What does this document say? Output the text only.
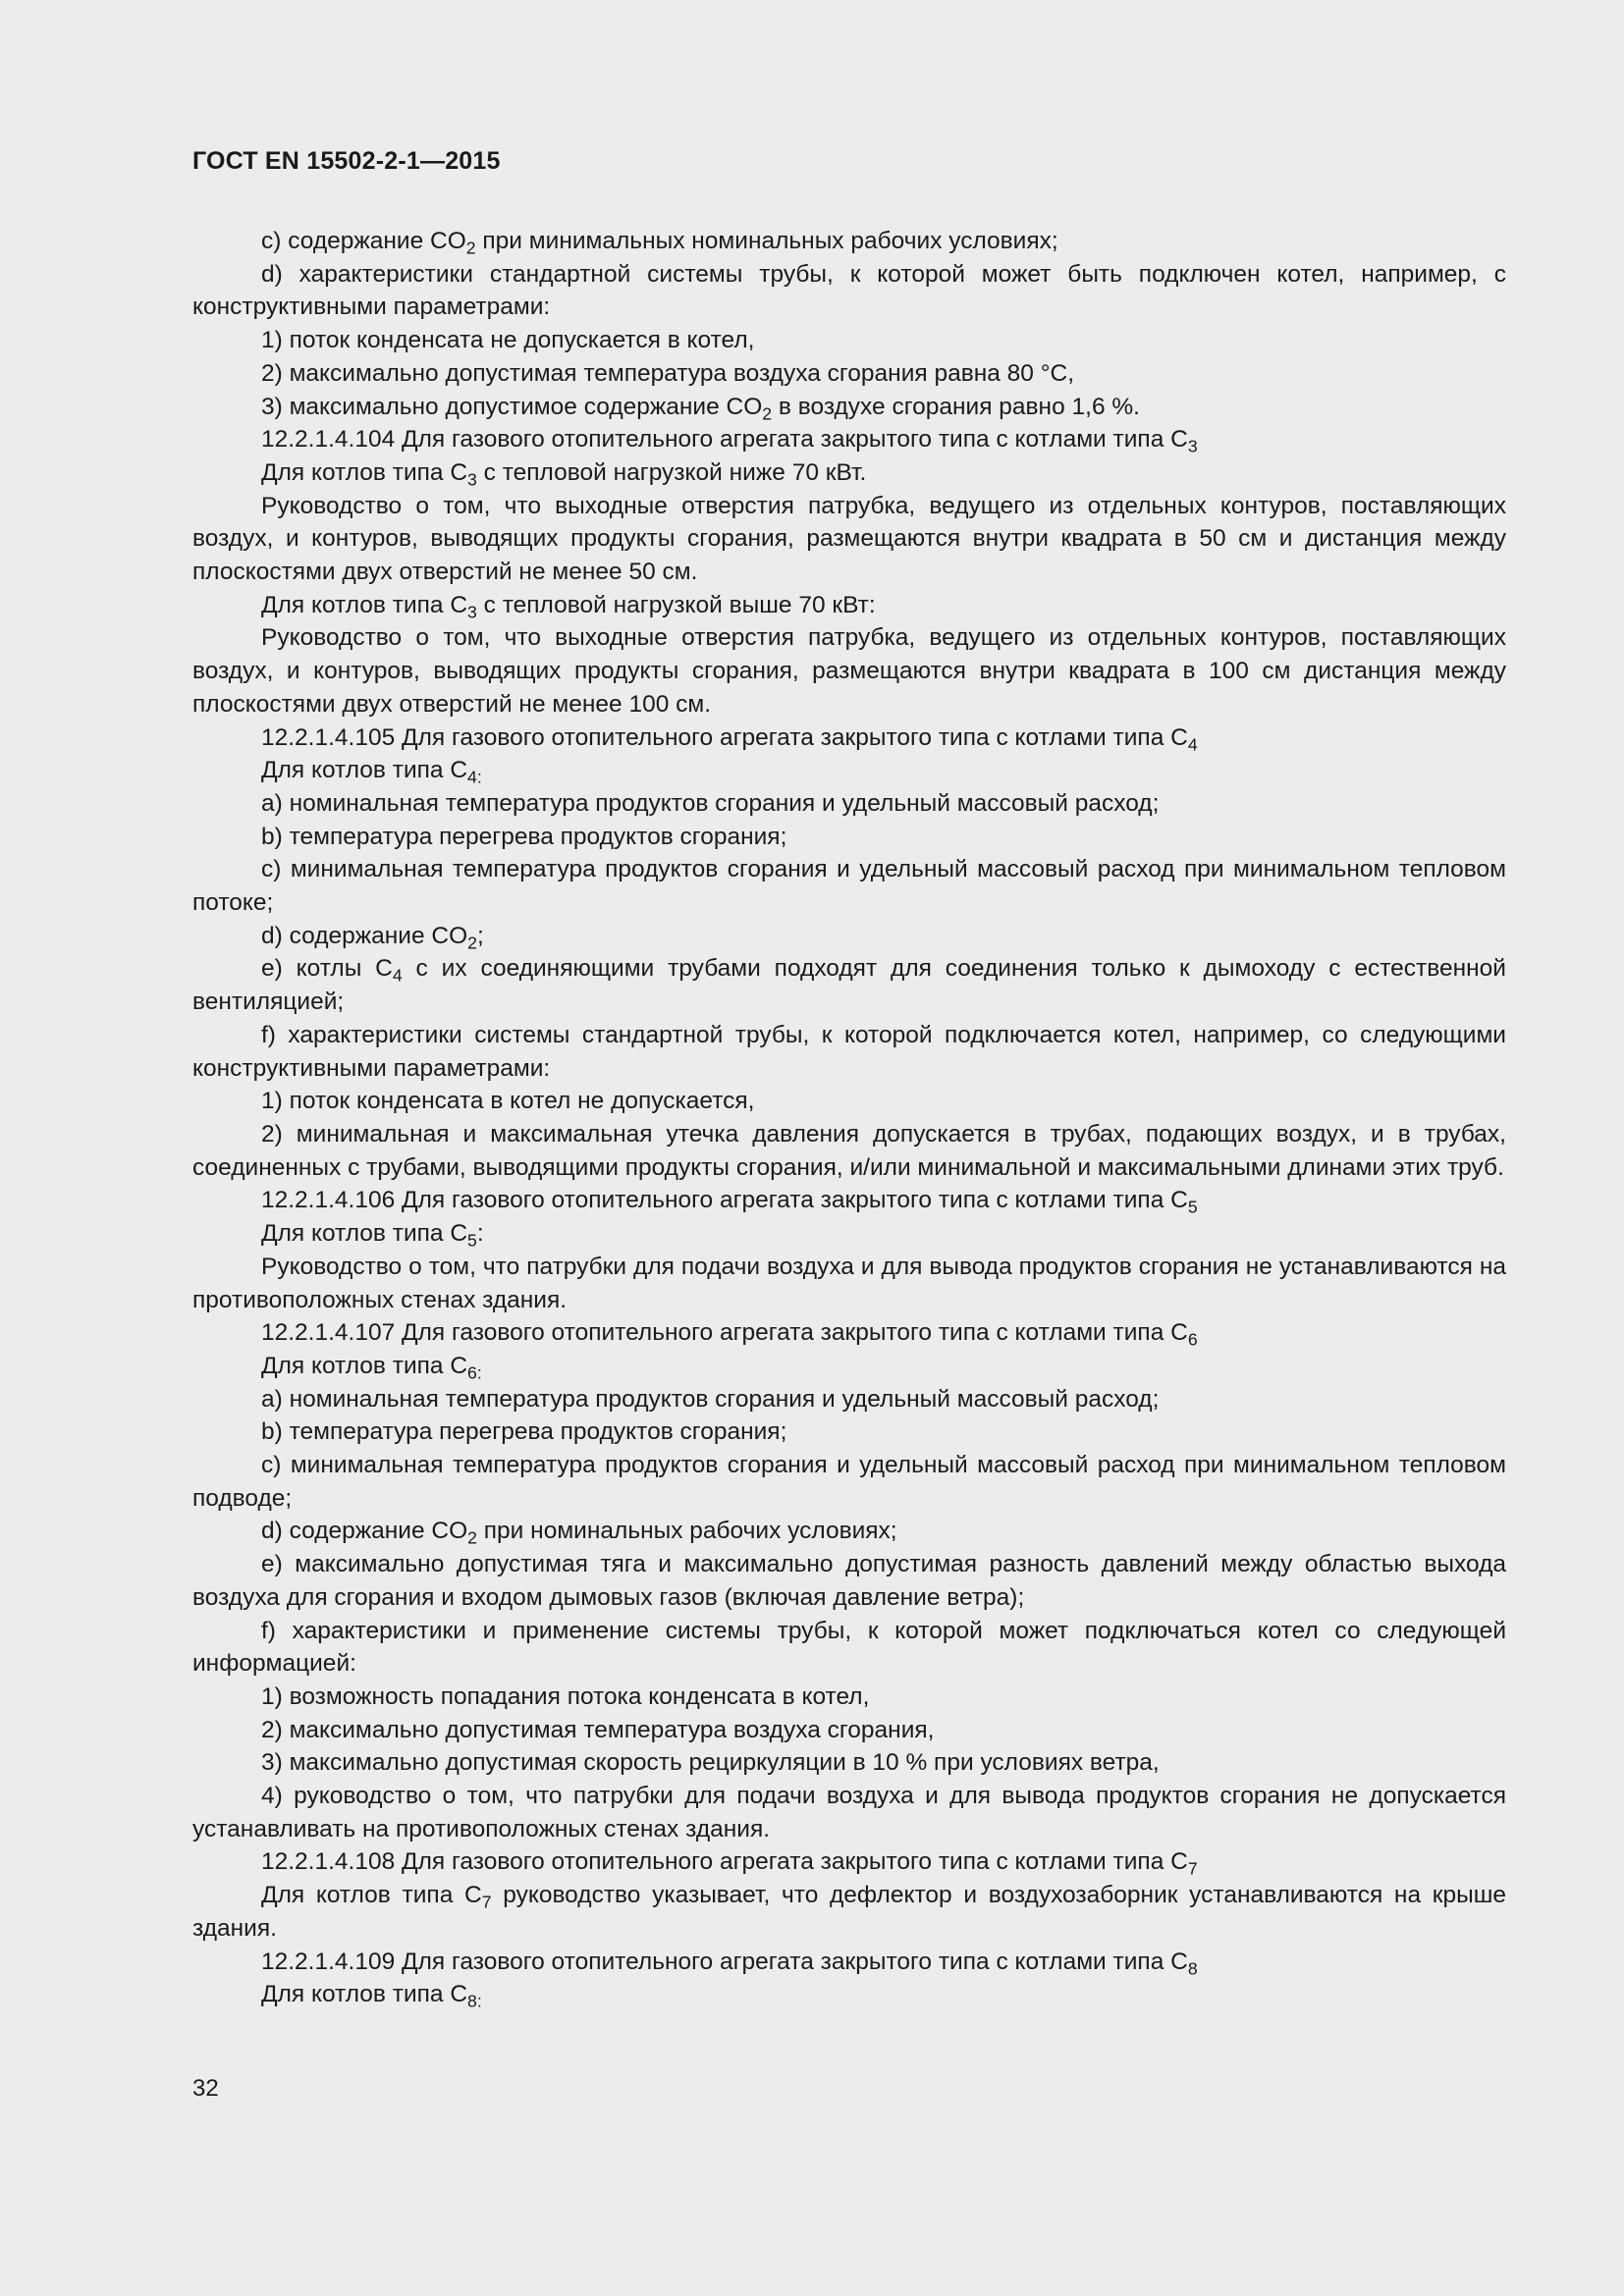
ГОСТ EN 15502-2-1—2015

c) содержание $CO_2$ при минимальных номинальных рабочих условиях;

d) характеристики стандартной системы трубы, к которой может быть подключен котел, например, с конструктивными параметрами:

1) поток конденсата не допускается в котел,

2) максимально допустимая температура воздуха сгорания равна 80 °С,

3) максимально допустимое содержание $CO_2$ в воздухе сгорания равно 1,6 %.

12.2.1.4.104 Для газового отопительного агрегата закрытого типа с котлами типа $C_3$

Для котлов типа $C_3$ с тепловой нагрузкой ниже 70 кВт.

Руководство о том, что выходные отверстия патрубка, ведущего из отдельных контуров, поставляющих воздух, и контуров, выводящих продукты сгорания, размещаются внутри квадрата в 50 см и дистанция между плоскостями двух отверстий не менее 50 см.

Для котлов типа $C_3$ с тепловой нагрузкой выше 70 кВт:

Руководство о том, что выходные отверстия патрубка, ведущего из отдельных контуров, поставляющих воздух, и контуров, выводящих продукты сгорания, размещаются внутри квадрата в 100 см дистанция между плоскостями двух отверстий не менее 100 см.

12.2.1.4.105 Для газового отопительного агрегата закрытого типа с котлами типа $C_4$

Для котлов типа $C_{4:}$

a) номинальная температура продуктов сгорания и удельный массовый расход;

b) температура перегрева продуктов сгорания;

c) минимальная температура продуктов сгорания и удельный массовый расход при минимальном тепловом потоке;

d) содержание $CO_2$;

e) котлы $C_4$ с их соединяющими трубами подходят для соединения только к дымоходу с естественной вентиляцией;

f) характеристики системы стандартной трубы, к которой подключается котел, например, со следующими конструктивными параметрами:

1) поток конденсата в котел не допускается,

2) минимальная и максимальная утечка давления допускается в трубах, подающих воздух, и в трубах, соединенных с трубами, выводящими продукты сгорания, и/или минимальной и максимальными длинами этих труб.

12.2.1.4.106 Для газового отопительного агрегата закрытого типа с котлами типа $C_5$

Для котлов типа $C_5$:

Руководство о том, что патрубки для подачи воздуха и для вывода продуктов сгорания не устанавливаются на противоположных стенах здания.

12.2.1.4.107 Для газового отопительного агрегата закрытого типа с котлами типа $C_6$

Для котлов типа $C_{6:}$

a) номинальная температура продуктов сгорания и удельный массовый расход;

b) температура перегрева продуктов сгорания;

c) минимальная температура продуктов сгорания и удельный массовый расход при минимальном тепловом подводе;

d) содержание $CO_2$ при номинальных рабочих условиях;

e) максимально допустимая тяга и максимально допустимая разность давлений между областью выхода воздуха для сгорания и входом дымовых газов (включая давление ветра);

f) характеристики и применение системы трубы, к которой может подключаться котел со следующей информацией:

1) возможность попадания потока конденсата в котел,

2) максимально допустимая температура воздуха сгорания,

3) максимально допустимая скорость рециркуляции в 10 % при условиях ветра,

4) руководство о том, что патрубки для подачи воздуха и для вывода продуктов сгорания не допускается устанавливать на противоположных стенах здания.

12.2.1.4.108 Для газового отопительного агрегата закрытого типа с котлами типа $C_7$

Для котлов типа $C_7$ руководство указывает, что дефлектор и воздухозаборник устанавливаются на крыше здания.

12.2.1.4.109 Для газового отопительного агрегата закрытого типа с котлами типа $C_8$

Для котлов типа $C_{8:}$

32
